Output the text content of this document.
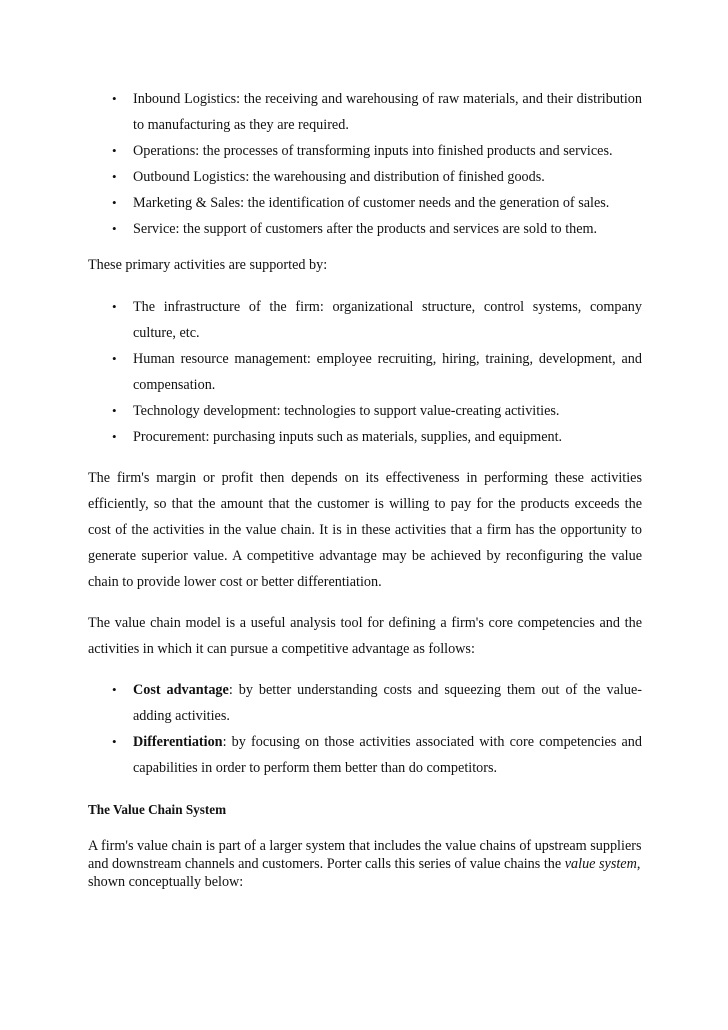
• Inbound Logistics: the receiving and warehousing of raw materials, and their distribution to manufacturing as they are required.
• Operations: the processes of transforming inputs into finished products and services.
• Outbound Logistics: the warehousing and distribution of finished goods.
• Marketing & Sales: the identification of customer needs and the generation of sales.
• Service: the support of customers after the products and services are sold to them.

These primary activities are supported by:

• The infrastructure of the firm: organizational structure, control systems, company culture, etc.
• Human resource management: employee recruiting, hiring, training, development, and compensation.
• Technology development: technologies to support value-creating activities.
• Procurement: purchasing inputs such as materials, supplies, and equipment.

The firm's margin or profit then depends on its effectiveness in performing these activities efficiently, so that the amount that the customer is willing to pay for the products exceeds the cost of the activities in the value chain. It is in these activities that a firm has the opportunity to generate superior value. A competitive advantage may be achieved by reconfiguring the value chain to provide lower cost or better differentiation.

The value chain model is a useful analysis tool for defining a firm's core competencies and the activities in which it can pursue a competitive advantage as follows:

• Cost advantage: by better understanding costs and squeezing them out of the value-adding activities.
• Differentiation: by focusing on those activities associated with core competencies and capabilities in order to perform them better than do competitors.
The Value Chain System

A firm's value chain is part of a larger system that includes the value chains of upstream suppliers and downstream channels and customers. Porter calls this series of value chains the value system, shown conceptually below:
